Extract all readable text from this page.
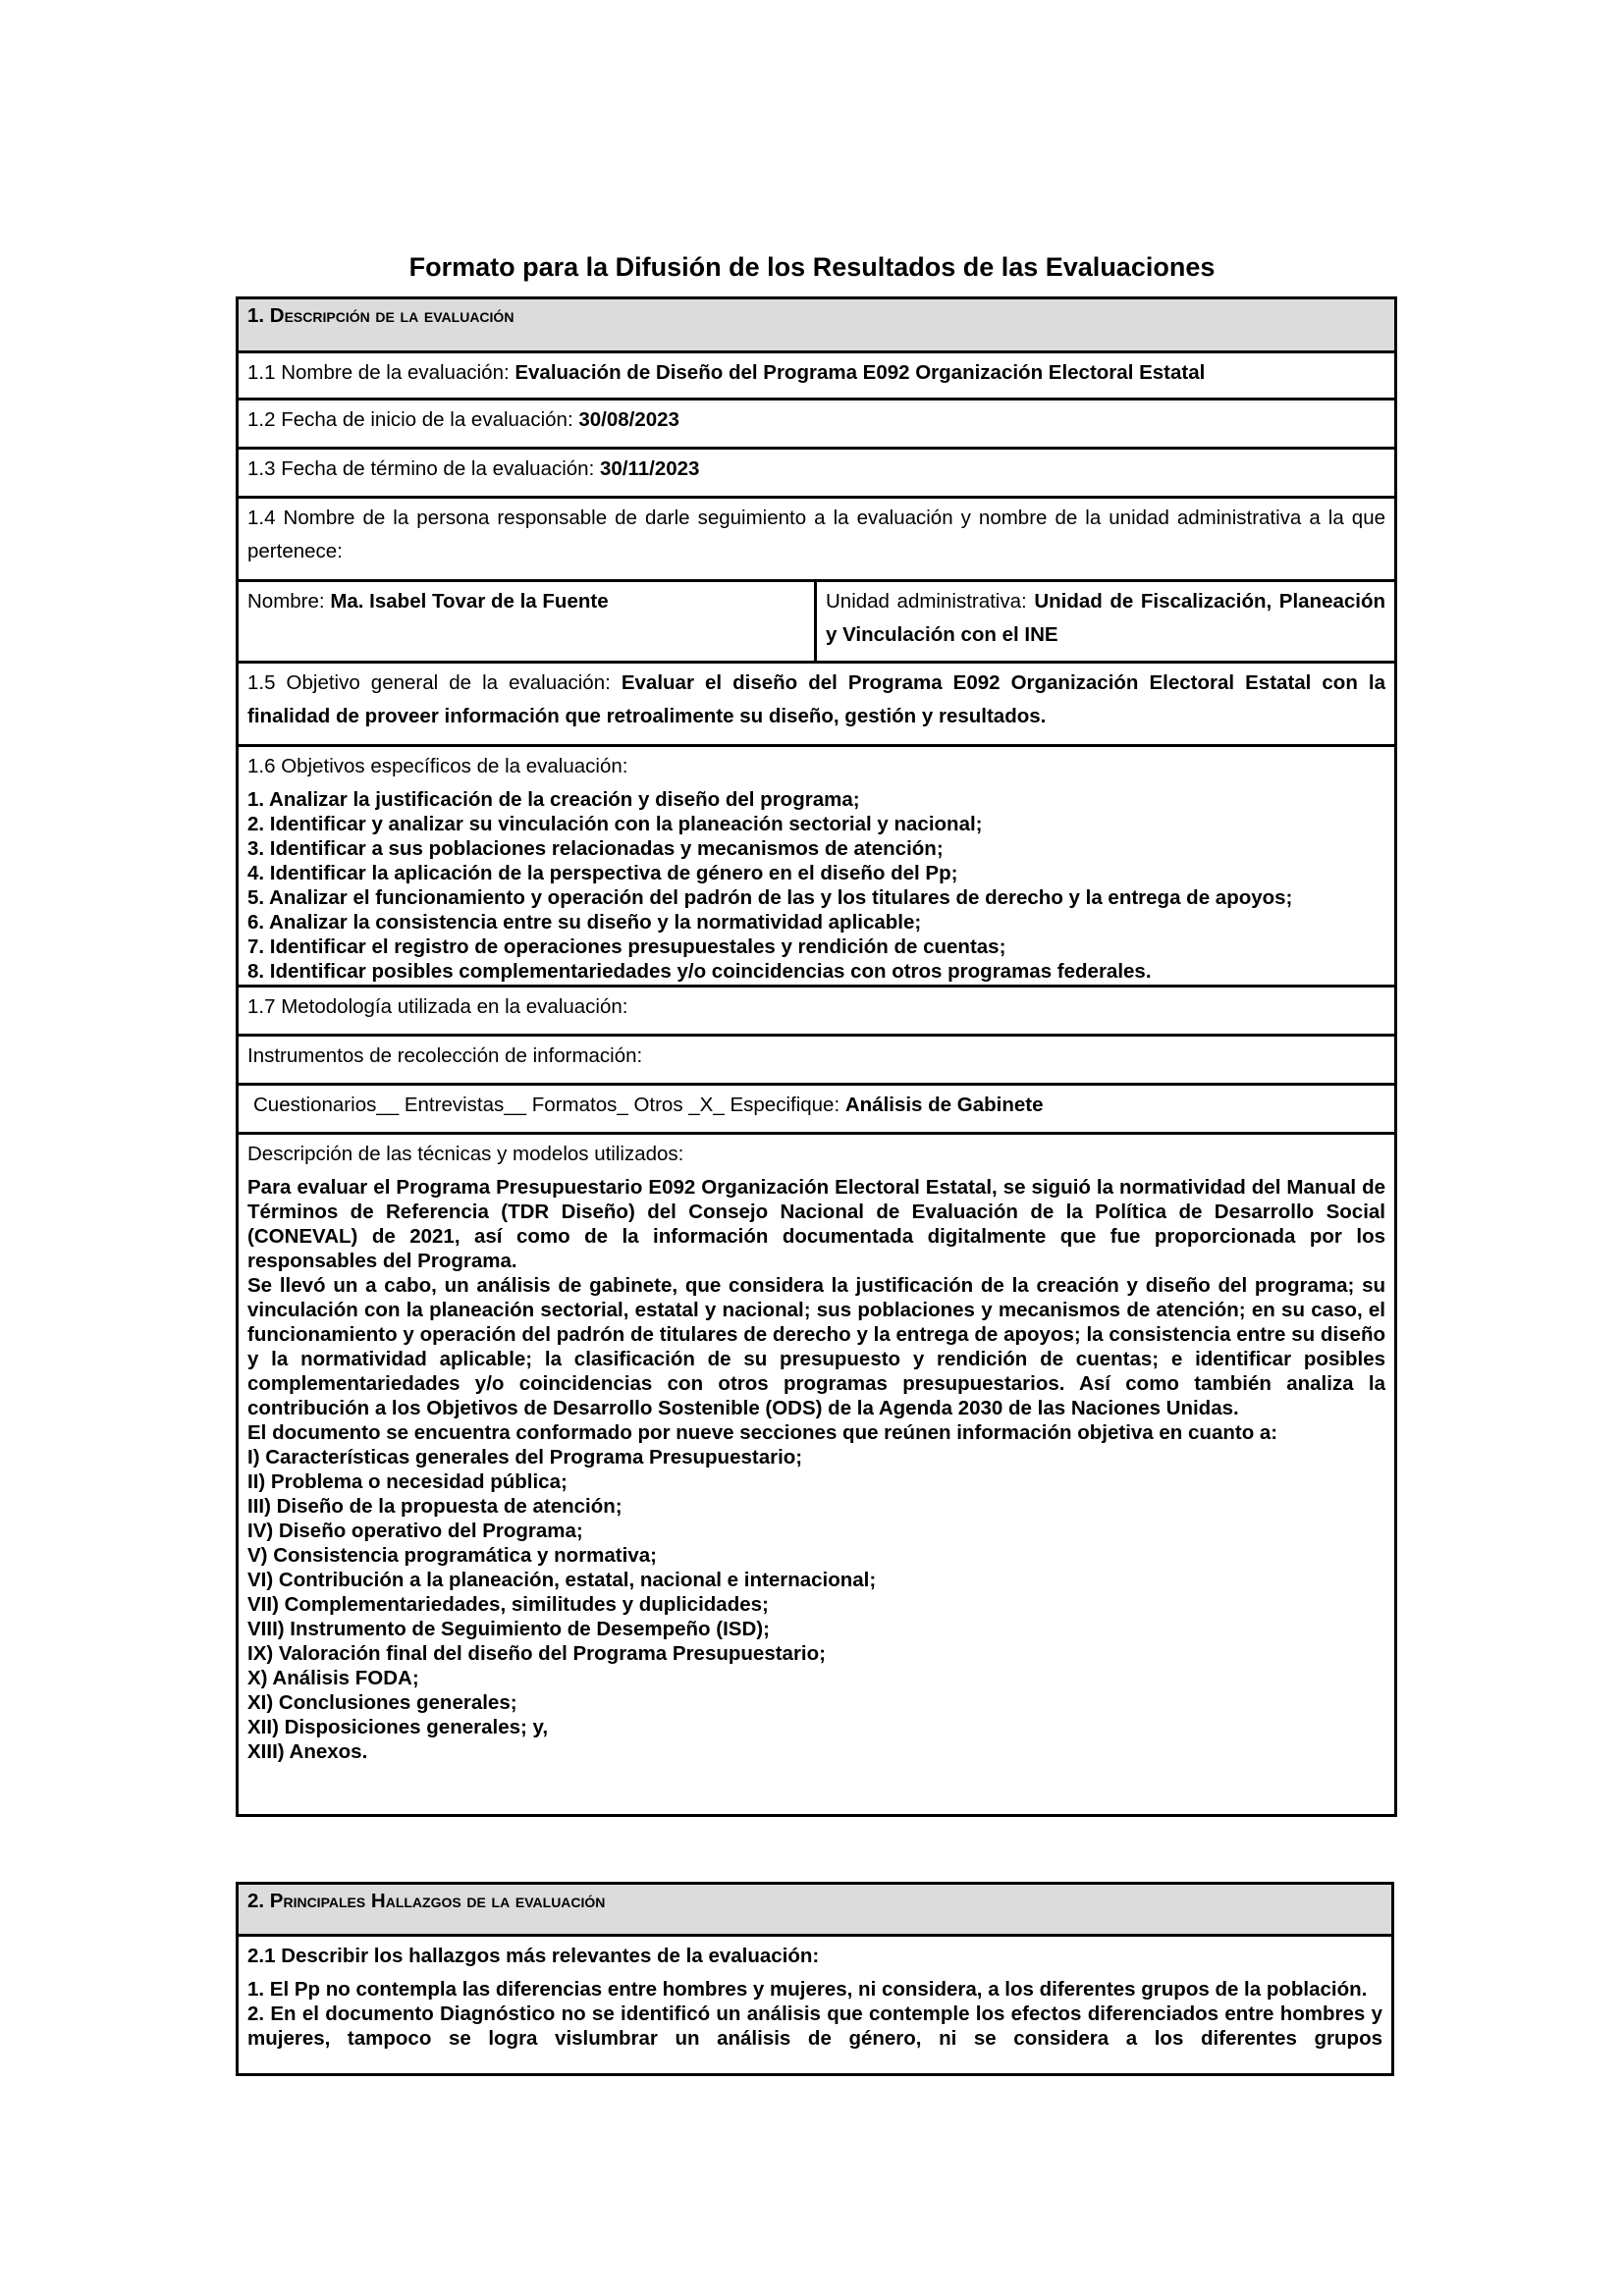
Formato para la Difusión de los Resultados de las Evaluaciones
1. Descripción de la evaluación
1.1 Nombre de la evaluación: Evaluación de Diseño del Programa E092 Organización Electoral Estatal
1.2 Fecha de inicio de la evaluación: 30/08/2023
1.3 Fecha de término de la evaluación: 30/11/2023
1.4 Nombre de la persona responsable de darle seguimiento a la evaluación y nombre de la unidad administrativa a la que pertenece:
Nombre: Ma. Isabel Tovar de la Fuente	Unidad administrativa: Unidad de Fiscalización, Planeación y Vinculación con el INE
1.5 Objetivo general de la evaluación: Evaluar el diseño del Programa E092 Organización Electoral Estatal con la finalidad de proveer información que retroalimente su diseño, gestión y resultados.

1.6 Objetivos específicos de la evaluación:
1. Analizar la justificación de la creación y diseño del programa;
2. Identificar y analizar su vinculación con la planeación sectorial y nacional;
3. Identificar a sus poblaciones relacionadas y mecanismos de atención;
4. Identificar la aplicación de la perspectiva de género en el diseño del Pp;
5. Analizar el funcionamiento y operación del padrón de las y los titulares de derecho y la entrega de apoyos;
6. Analizar la consistencia entre su diseño y la normatividad aplicable;
7. Identificar el registro de operaciones presupuestales y rendición de cuentas;
8. Identificar posibles complementariedades y/o coincidencias con otros programas federales.

1.7 Metodología utilizada en la evaluación:
Instrumentos de recolección de información:
Cuestionarios__ Entrevistas__ Formatos_ Otros _X_ Especifique: Análisis de Gabinete

Descripción de las técnicas y modelos utilizados:

Para evaluar el Programa Presupuestario E092 Organización Electoral Estatal, se siguió la normatividad del Manual de Términos de Referencia (TDR Diseño) del Consejo Nacional de Evaluación de la Política de Desarrollo Social (CONEVAL) de 2021, así como de la información documentada digitalmente que fue proporcionada por los responsables del Programa.

Se llevó un a cabo, un análisis de gabinete, que considera la justificación de la creación y diseño del programa; su vinculación con la planeación sectorial, estatal y nacional; sus poblaciones y mecanismos de atención; en su caso, el funcionamiento y operación del padrón de titulares de derecho y la entrega de apoyos; la consistencia entre su diseño y la normatividad aplicable; la clasificación de su presupuesto y rendición de cuentas; e identificar posibles complementariedades y/o coincidencias con otros programas presupuestarios. Así como también analiza la contribución a los Objetivos de Desarrollo Sostenible (ODS) de la Agenda 2030 de las Naciones Unidas.

El documento se encuentra conformado por nueve secciones que reúnen información objetiva en cuanto a:

I) Características generales del Programa Presupuestario;
II) Problema o necesidad pública;
III) Diseño de la propuesta de atención;
IV) Diseño operativo del Programa;
V) Consistencia programática y normativa;
VI) Contribución a la planeación, estatal, nacional e internacional;
VII) Complementariedades, similitudes y duplicidades;
VIII) Instrumento de Seguimiento de Desempeño (ISD);
IX) Valoración final del diseño del Programa Presupuestario;
X) Análisis FODA;
XI) Conclusiones generales;
XII) Disposiciones generales; y,
XIII) Anexos.
2. Principales Hallazgos de la evaluación

2.1 Describir los hallazgos más relevantes de la evaluación:

1. El Pp no contempla las diferencias entre hombres y mujeres, ni considera, a los diferentes grupos de la población.

2. En el documento Diagnóstico no se identificó un análisis que contemple los efectos diferenciados entre hombres y mujeres, tampoco se logra vislumbrar un análisis de género, ni se considera a los diferentes grupos
